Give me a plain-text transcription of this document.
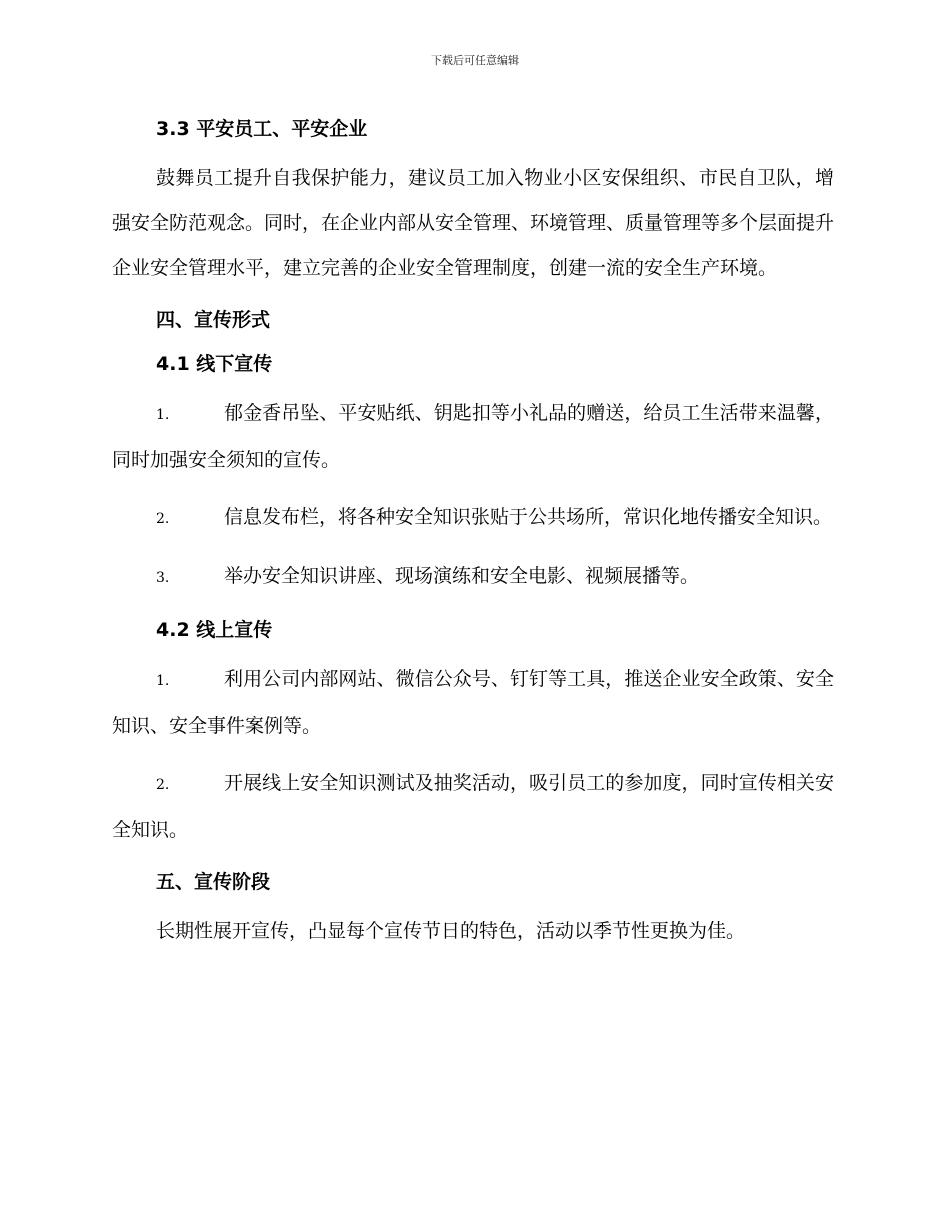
下载后可任意编辑

3.3 平安员工、平安企业

鼓舞员工提升自我保护能力，建议员工加入物业小区安保组织、市民自卫队，增强安全防范观念。同时，在企业内部从安全管理、环境管理、质量管理等多个层面提升企业安全管理水平，建立完善的企业安全管理制度，创建一流的安全生产环境。

四、宣传形式

4.1 线下宣传

1.	郁金香吊坠、平安贴纸、钥匙扣等小礼品的赠送，给员工生活带来温馨，同时加强安全须知的宣传。

2.	信息发布栏，将各种安全知识张贴于公共场所，常识化地传播安全知识。

3.	举办安全知识讲座、现场演练和安全电影、视频展播等。

4.2 线上宣传

1.	利用公司内部网站、微信公众号、钉钉等工具，推送企业安全政策、安全知识、安全事件案例等。

2.	开展线上安全知识测试及抽奖活动，吸引员工的参加度，同时宣传相关安全知识。

五、宣传阶段

长期性展开宣传，凸显每个宣传节日的特色，活动以季节性更换为佳。
